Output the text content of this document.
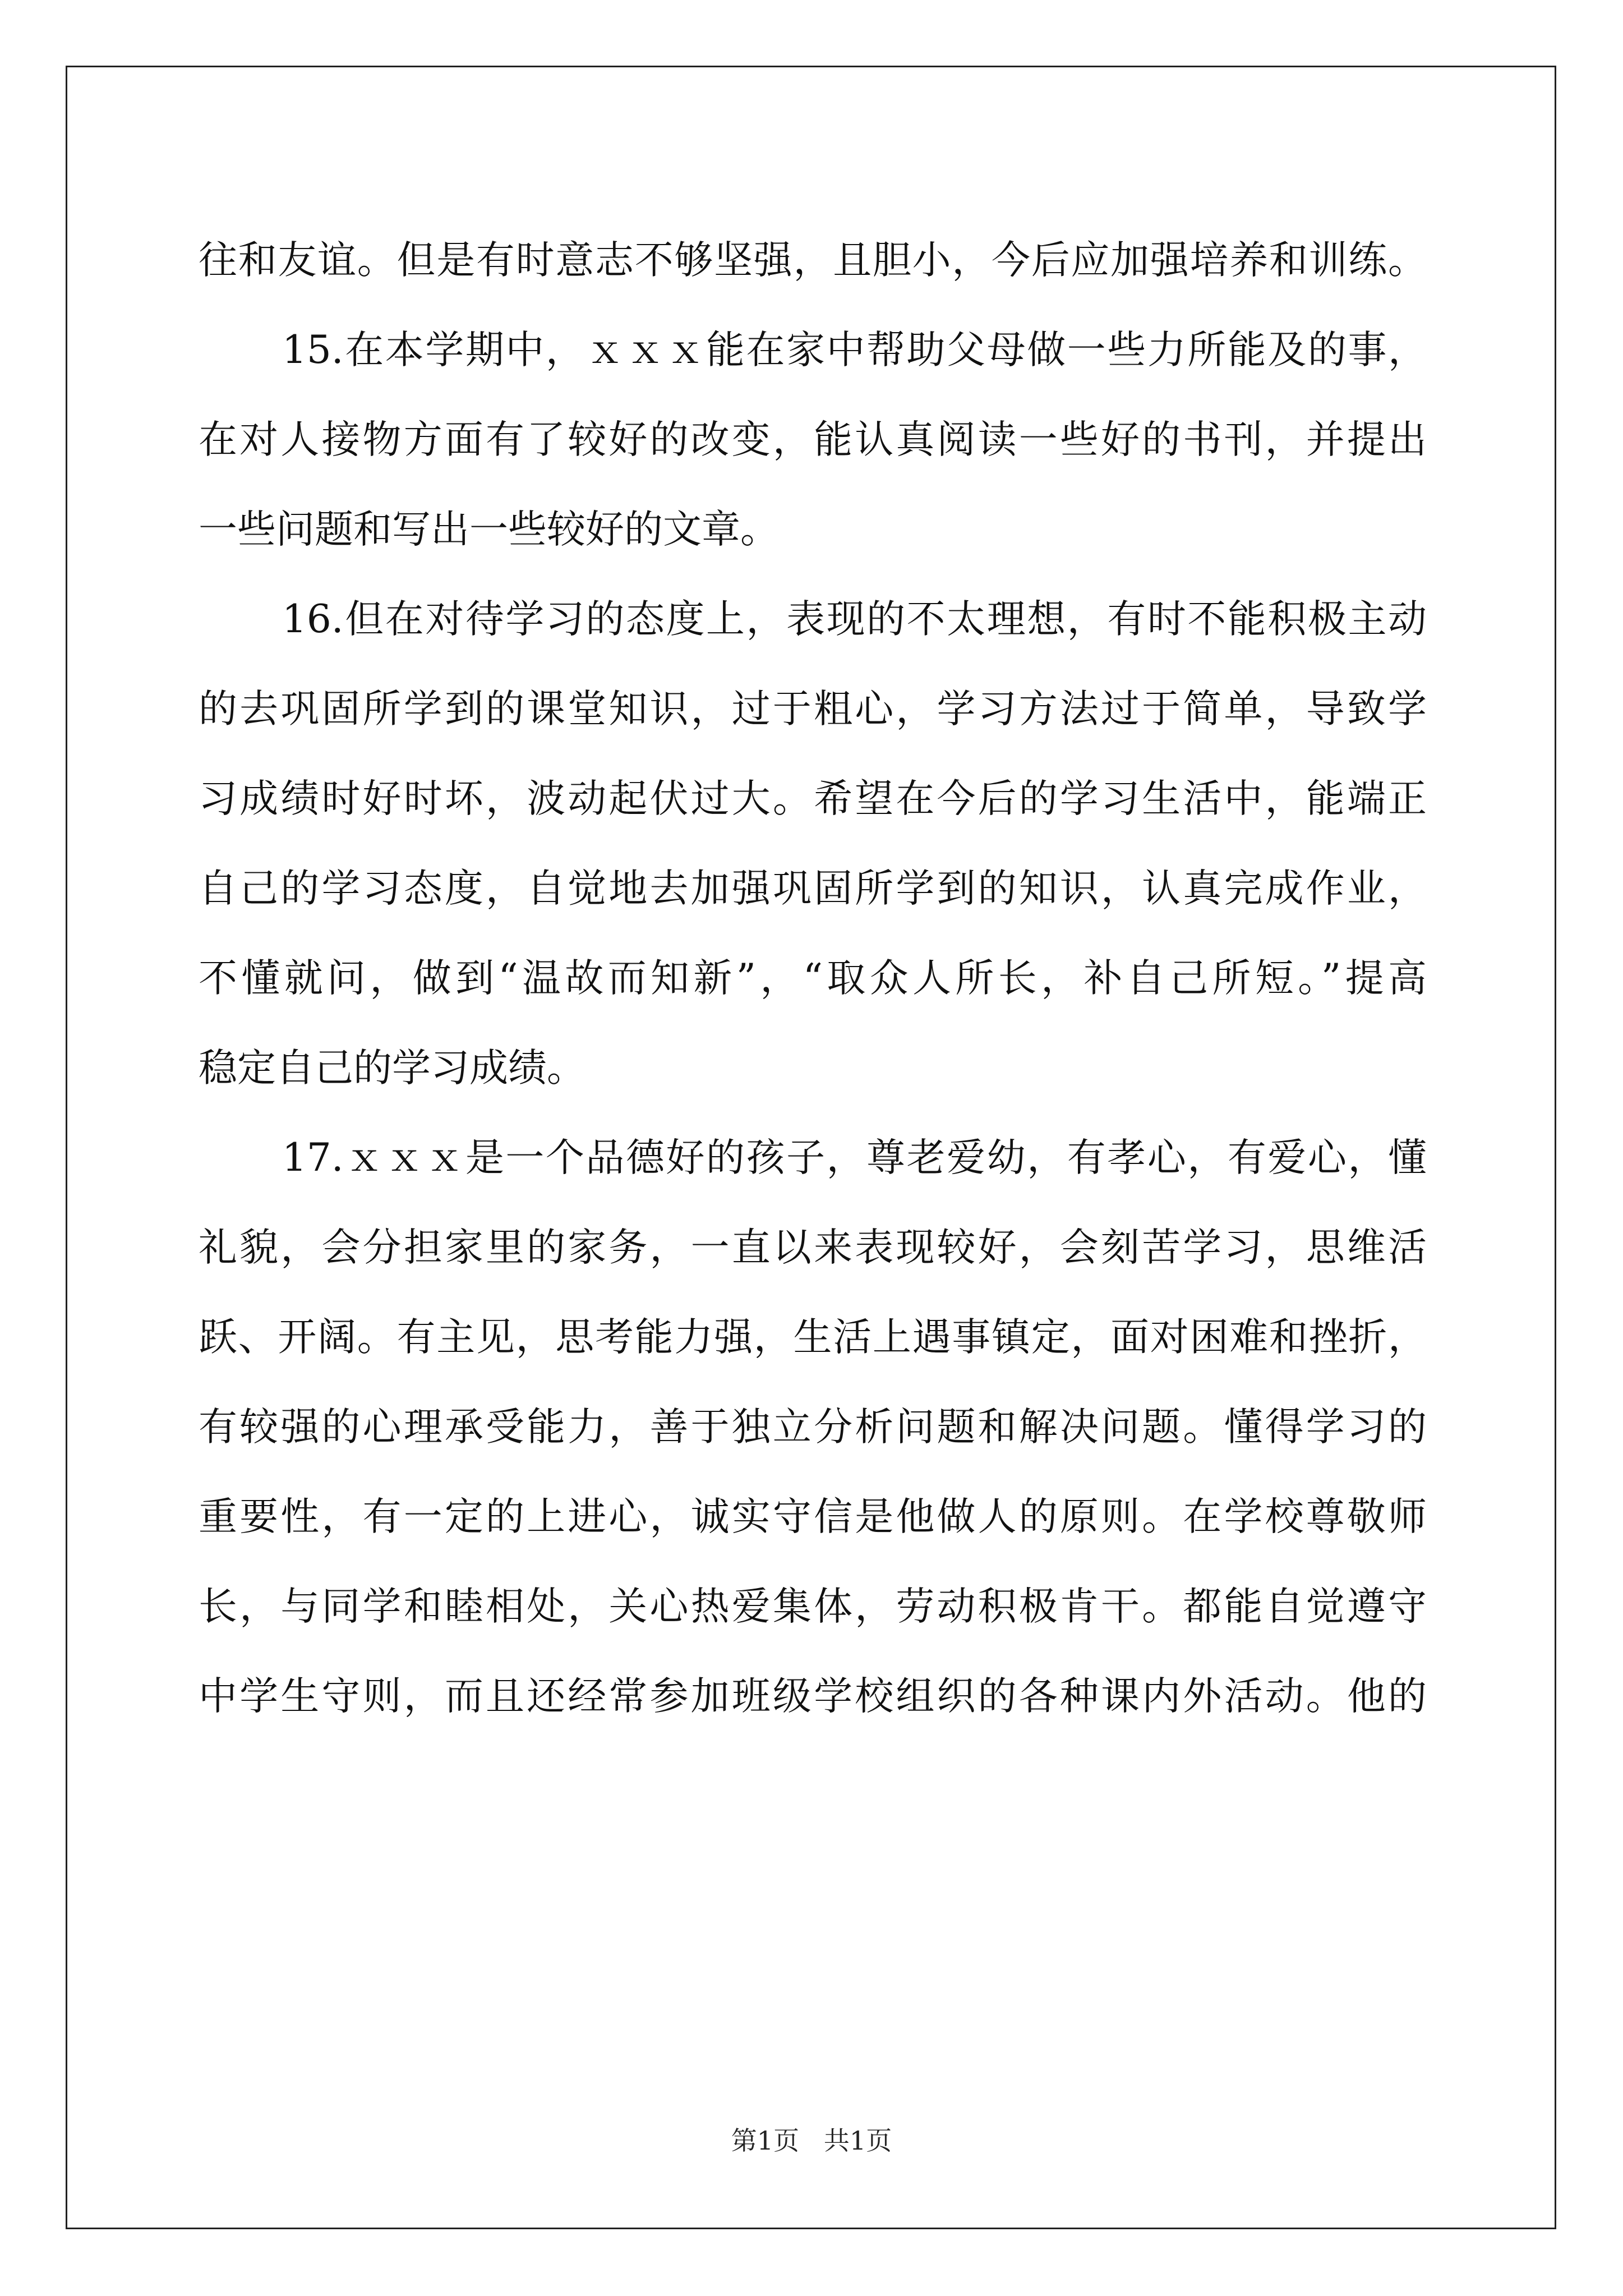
往和友谊。但是有时意志不够坚强，且胆小，今后应加强培养和训练。
15.在本学期中，ｘｘｘ能在家中帮助父母做一些力所能及的事，
在对人接物方面有了较好的改变，能认真阅读一些好的书刊，并提出
一些问题和写出一些较好的文章。
16.但在对待学习的态度上，表现的不太理想，有时不能积极主动
的去巩固所学到的课堂知识，过于粗心，学习方法过于简单，导致学
习成绩时好时坏，波动起伏过大。希望在今后的学习生活中，能端正
自己的学习态度，自觉地去加强巩固所学到的知识，认真完成作业，
不懂就问，做到“温故而知新”，“取众人所长，补自己所短。”提高
稳定自己的学习成绩。
17.ｘｘｘ是一个品德好的孩子，尊老爱幼，有孝心，有爱心，懂
礼貌，会分担家里的家务，一直以来表现较好，会刻苦学习，思维活
跃、开阔。有主见，思考能力强，生活上遇事镇定，面对困难和挫折，
有较强的心理承受能力，善于独立分析问题和解决问题。懂得学习的
重要性，有一定的上进心，诚实守信是他做人的原则。在学校尊敬师
长，与同学和睦相处，关心热爱集体，劳动积极肯干。都能自觉遵守
中学生守则，而且还经常参加班级学校组织的各种课内外活动。他的
第1页   共1页
